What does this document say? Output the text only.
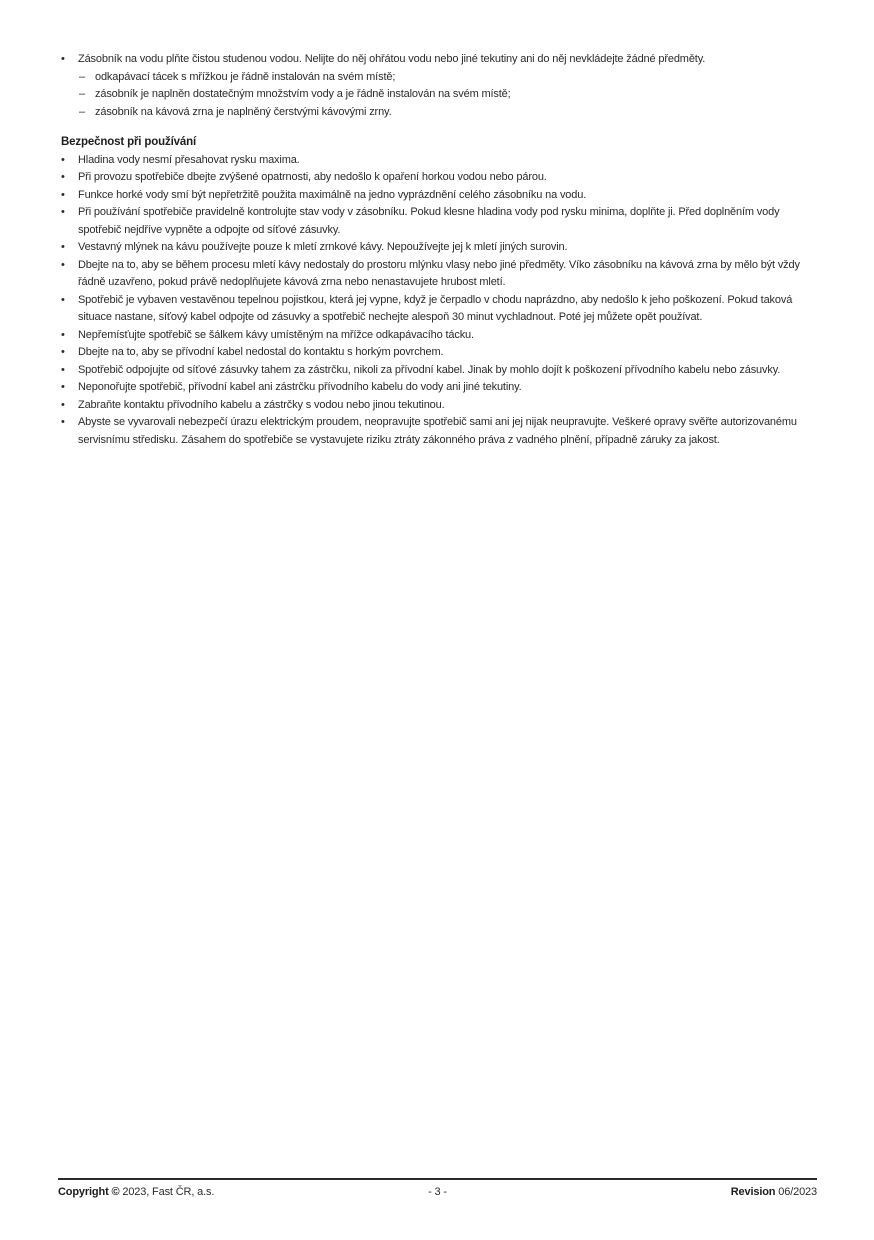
•	Zásobník na vodu plňte čistou studenou vodou. Nelijte do něj ohřátou vodu nebo jiné tekutiny ani do něj nevkládejte žádné předměty.
– odkapávací tácek s mřížkou je řádně instalován na svém místě;
– zásobník je naplněn dostatečným množstvím vody a je řádně instalován na svém místě;
– zásobník na kávová zrna je naplněný čerstvými kávovými zrny.
Bezpečnost při používání
•	Hladina vody nesmí přesahovat rysku maxima.
•	Při provozu spotřebiče dbejte zvýšené opatrnosti, aby nedošlo k opaření horkou vodou nebo párou.
•	Funkce horké vody smí být nepřetržitě použita maximálně na jedno vyprázdnění celého zásobníku na vodu.
•	Při používání spotřebiče pravidelně kontrolujte stav vody v zásobníku. Pokud klesne hladina vody pod rysku minima, doplňte ji. Před doplněním vody spotřebič nejdříve vypněte a odpojte od síťové zásuvky.
•	Vestavný mlýnek na kávu používejte pouze k mletí zrnkové kávy. Nepoužívejte jej k mletí jiných surovin.
•	Dbejte na to, aby se během procesu mletí kávy nedostaly do prostoru mlýnku vlasy nebo jiné předměty. Víko zásobníku na kávová zrna by mělo být vždy řádně uzavřeno, pokud právě nedoplňujete kávová zrna nebo nenastavujete hrubost mletí.
•	Spotřebič je vybaven vestavěnou tepelnou pojistkou, která jej vypne, když je čerpadlo v chodu naprázdno, aby nedošlo k jeho poškození. Pokud taková situace nastane, síťový kabel odpojte od zásuvky a spotřebič nechejte alespoň 30 minut vychladnout. Poté jej můžete opět používat.
•	Nepřemísťujte spotřebič se šálkem kávy umístěným na mřížce odkapávacího tácku.
•	Dbejte na to, aby se přívodní kabel nedostal do kontaktu s horkým povrchem.
•	Spotřebič odpojujte od síťové zásuvky tahem za zástrčku, nikoli za přívodní kabel. Jinak by mohlo dojít k poškození přívodního kabelu nebo zásuvky.
•	Neponořujte spotřebič, přívodní kabel ani zástrčku přívodního kabelu do vody ani jiné tekutiny.
•	Zabraňte kontaktu přívodního kabelu a zástrčky s vodou nebo jinou tekutinou.
•	Abyste se vyvarovali nebezpečí úrazu elektrickým proudem, neopravujte spotřebič sami ani jej nijak neupravujte. Veškeré opravy svěřte autorizovanému servisnímu středisku. Zásahem do spotřebiče se vystavujete riziku ztráty zákonného práva z vadného plnění, případně záruky za jakost.
Copyright © 2023, Fast ČR, a.s.	- 3 -	Revision 06/2023
